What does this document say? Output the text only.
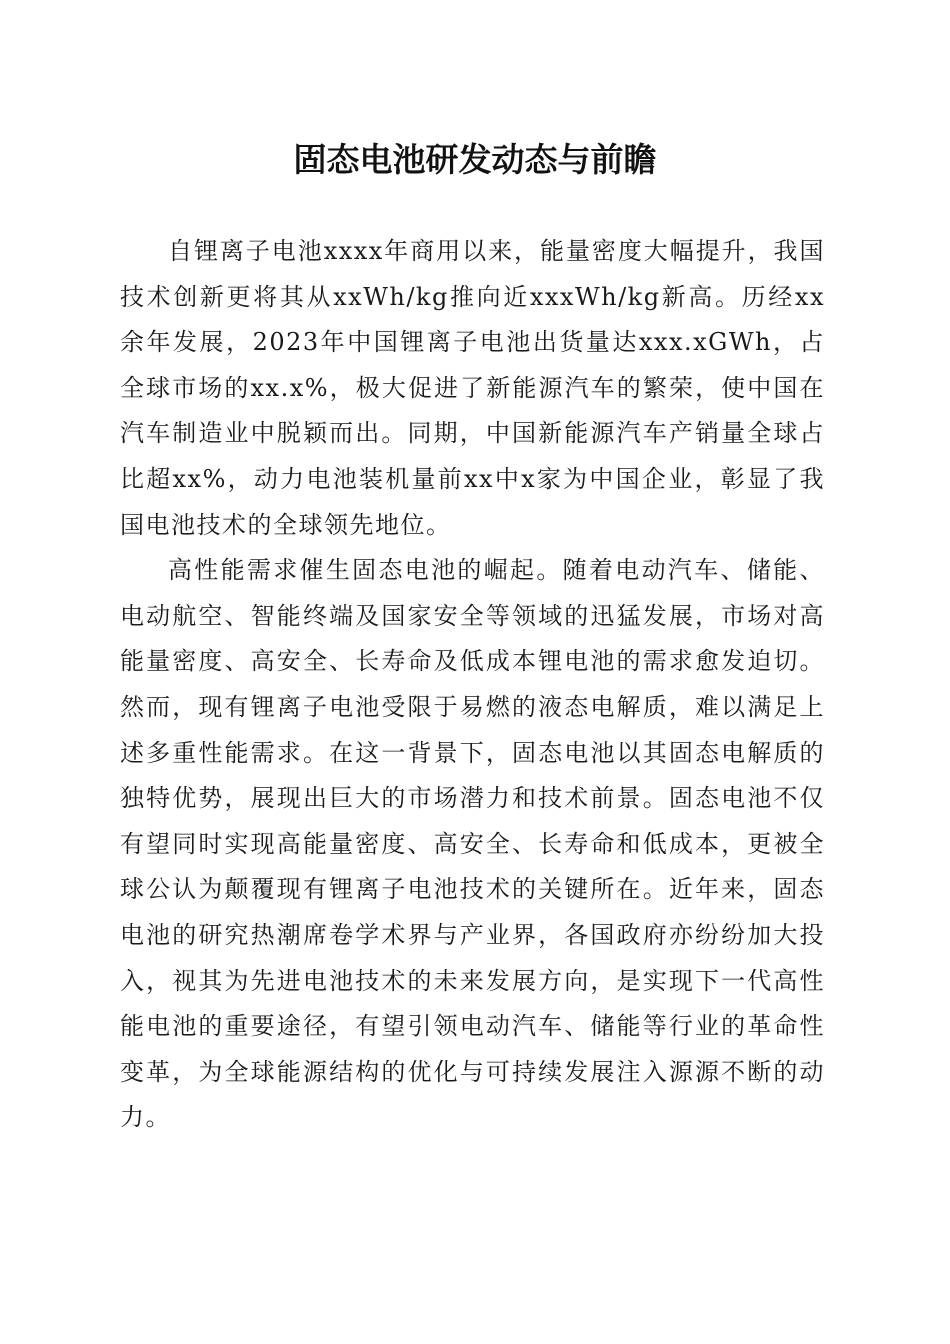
固态电池研发动态与前瞻

自锂离子电池xxxx年商用以来，能量密度大幅提升，我国技术创新更将其从xxWh/kg推向近xxxWh/kg新高。历经xx余年发展，2023年中国锂离子电池出货量达xxx.xGWh，占全球市场的xx.x%，极大促进了新能源汽车的繁荣，使中国在汽车制造业中脱颖而出。同期，中国新能源汽车产销量全球占比超xx%，动力电池装机量前xx中x家为中国企业，彰显了我国电池技术的全球领先地位。

高性能需求催生固态电池的崛起。随着电动汽车、储能、电动航空、智能终端及国家安全等领域的迅猛发展，市场对高能量密度、高安全、长寿命及低成本锂电池的需求愈发迫切。然而，现有锂离子电池受限于易燃的液态电解质，难以满足上述多重性能需求。在这一背景下，固态电池以其固态电解质的独特优势，展现出巨大的市场潜力和技术前景。固态电池不仅有望同时实现高能量密度、高安全、长寿命和低成本，更被全球公认为颠覆现有锂离子电池技术的关键所在。近年来，固态电池的研究热潮席卷学术界与产业界，各国政府亦纷纷加大投入，视其为先进电池技术的未来发展方向，是实现下一代高性能电池的重要途径，有望引领电动汽车、储能等行业的革命性变革，为全球能源结构的优化与可持续发展注入源源不断的动力。
